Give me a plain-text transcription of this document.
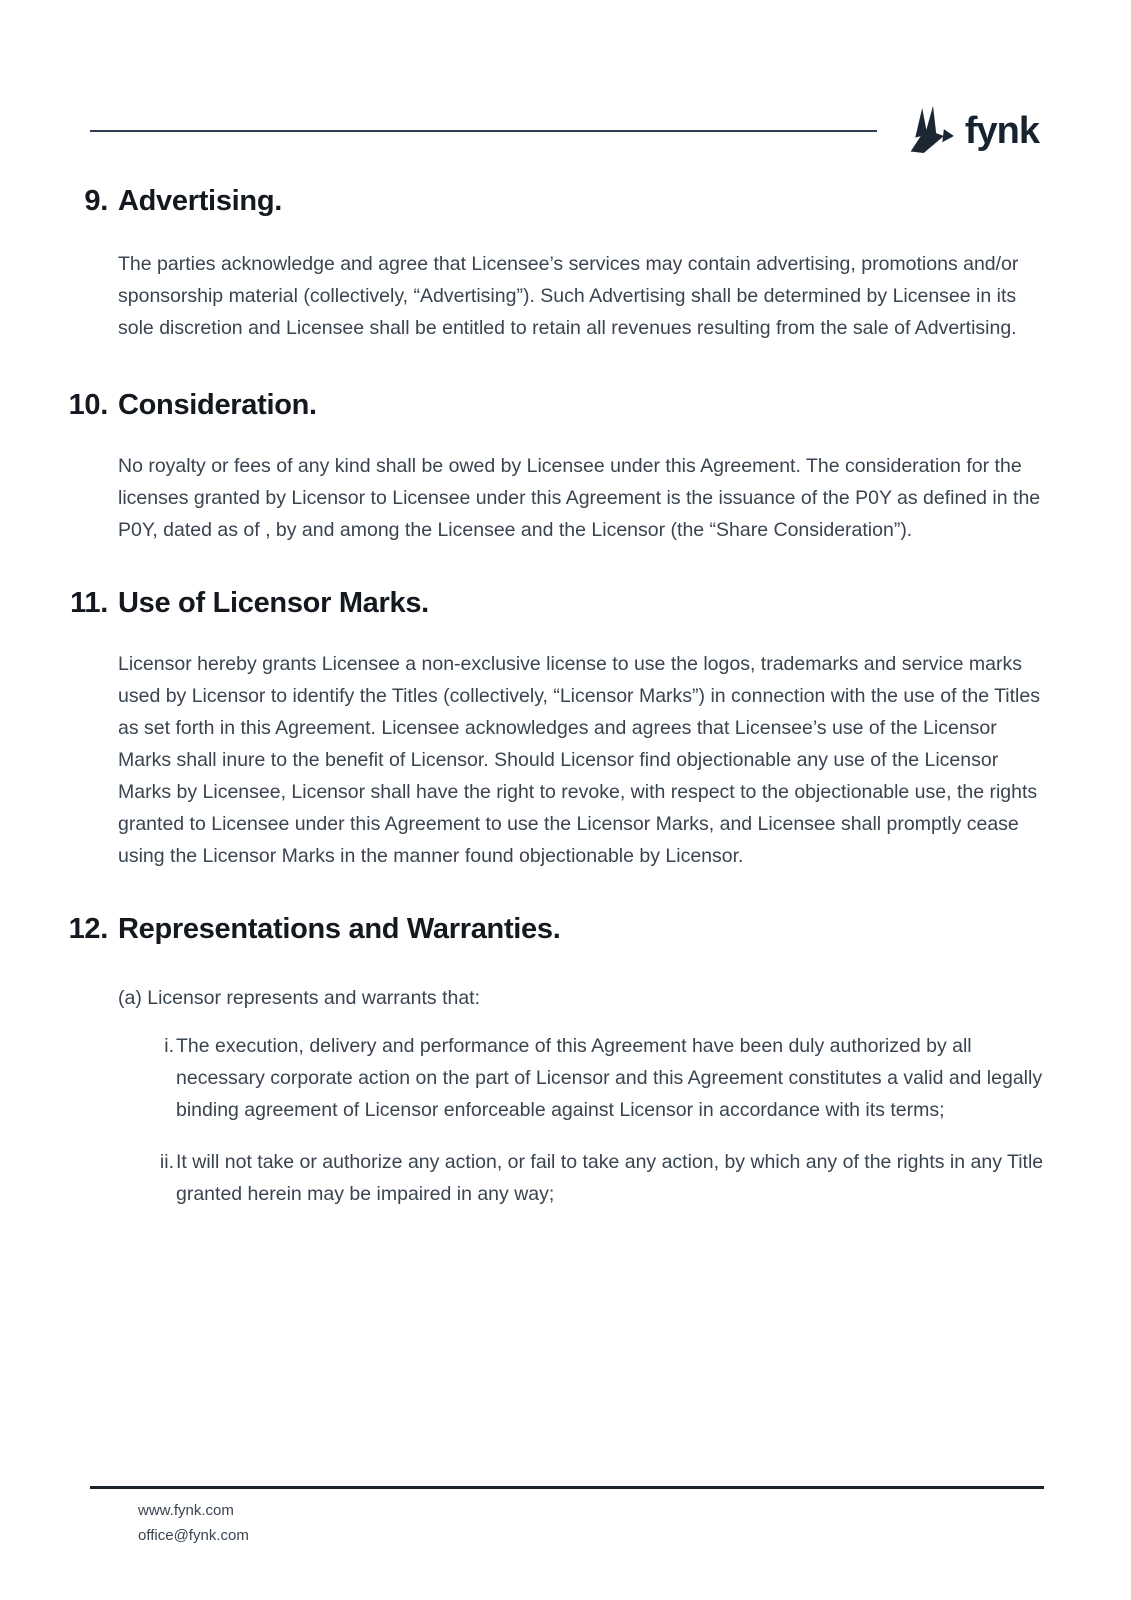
fynk
9. Advertising.

The parties acknowledge and agree that Licensee’s services may contain advertising, promotions and/or sponsorship material (collectively, “Advertising”). Such Advertising shall be determined by Licensee in its sole discretion and Licensee shall be entitled to retain all revenues resulting from the sale of Advertising.

10. Consideration.

No royalty or fees of any kind shall be owed by Licensee under this Agreement. The consideration for the licenses granted by Licensor to Licensee under this Agreement is the issuance of the P0Y as defined in the P0Y, dated as of , by and among the Licensee and the Licensor (the “Share Consideration”).

11. Use of Licensor Marks.

Licensor hereby grants Licensee a non-exclusive license to use the logos, trademarks and service marks used by Licensor to identify the Titles (collectively, “Licensor Marks”) in connection with the use of the Titles as set forth in this Agreement. Licensee acknowledges and agrees that Licensee’s use of the Licensor Marks shall inure to the benefit of Licensor. Should Licensor find objectionable any use of the Licensor Marks by Licensee, Licensor shall have the right to revoke, with respect to the objectionable use, the rights granted to Licensee under this Agreement to use the Licensor Marks, and Licensee shall promptly cease using the Licensor Marks in the manner found objectionable by Licensor.

12. Representations and Warranties.

(a) Licensor represents and warrants that:

i. The execution, delivery and performance of this Agreement have been duly authorized by all necessary corporate action on the part of Licensor and this Agreement constitutes a valid and legally binding agreement of Licensor enforceable against Licensor in accordance with its terms;

ii. It will not take or authorize any action, or fail to take any action, by which any of the rights in any Title granted herein may be impaired in any way;

www.fynk.com
office@fynk.com
